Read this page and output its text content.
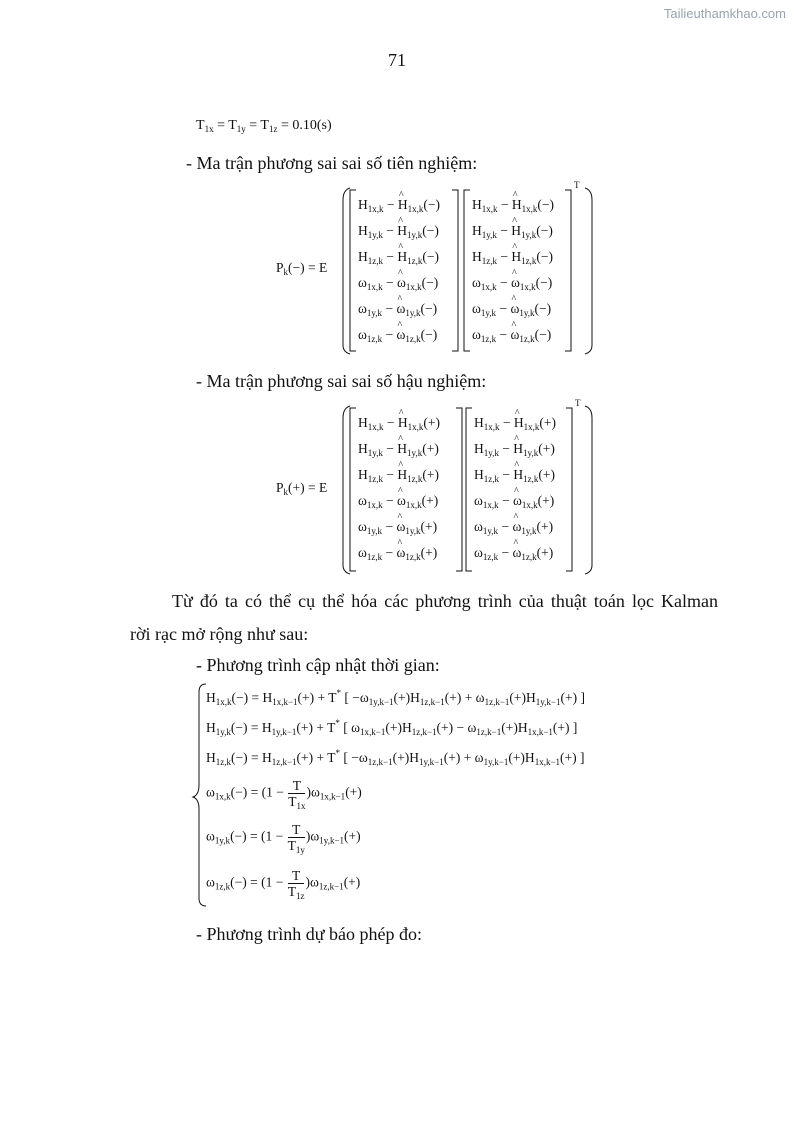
Tailieuthamkhao.com
71
$T_{1x} = T_{1y} = T_{1z} = 0.10(s)$
- Ma trận phương sai sai số tiên nghiệm:
$P_k(-) = E$
T
$H_{1x,k}$ − ^ $H_{1x,k}(-)$
$H_{1y,k}$ − ^ $H_{1y,k}(-)$
$H_{1z,k}$ − ^ $H_{1z,k}(-)$
$\omega_{1x,k}$ − ^ $\omega_{1x,k}(-)$
$\omega_{1y,k}$ − ^ $\omega_{1y,k}(-)$
$\omega_{1z,k}$ − ^ $\omega_{1z,k}(-)$
$H_{1x,k}$ − ^ $H_{1x,k}(-)$
$H_{1y,k}$ − ^ $H_{1y,k}(-)$
$H_{1z,k}$ − ^ $H_{1z,k}(-)$
$\omega_{1x,k}$ − ^ $\omega_{1x,k}(-)$
$\omega_{1y,k}$ − ^ $\omega_{1y,k}(-)$
$\omega_{1z,k}$ − ^ $\omega_{1z,k}(-)$
- Ma trận phương sai sai số hậu nghiệm:
$P_k(+) = E$
T
$H_{1x,k}$ − ^ $H_{1x,k}(+)$
$H_{1y,k}$ − ^ $H_{1y,k}(+)$
$H_{1z,k}$ − ^ $H_{1z,k}(+)$
$\omega_{1x,k}$ − ^ $\omega_{1x,k}(+)$
$\omega_{1y,k}$ − ^ $\omega_{1y,k}(+)$
$\omega_{1z,k}$ − ^ $\omega_{1z,k}(+)$
$H_{1x,k}$ − ^ $H_{1x,k}(+)$
$H_{1y,k}$ − ^ $H_{1y,k}(+)$
$H_{1z,k}$ − ^ $H_{1z,k}(+)$
$\omega_{1x,k}$ − ^ $\omega_{1x,k}(+)$
$\omega_{1y,k}$ − ^ $\omega_{1y,k}(+)$
$\omega_{1z,k}$ − ^ $\omega_{1z,k}(+)$
Từ đó ta có thể cụ thể hóa các phương trình của thuật toán lọc Kalman
rời rạc mở rộng như sau:
- Phương trình cập nhật thời gian:
$H_{1x,k}(-) = H_{1x,k-1}(+) + T^*$ [ $-\omega_{1y,k-1}(+)H_{1z,k-1}(+) + \omega_{1z,k-1}(+)H_{1y,k-1}(+)$ ]
$H_{1y,k}(-) = H_{1y,k-1}(+) + T^*$ [ $\omega_{1x,k-1}(+)H_{1z,k-1}(+) - \omega_{1z,k-1}(+)H_{1x,k-1}(+)$ ]
$H_{1z,k}(-) = H_{1z,k-1}(+) + T^*$ [ $-\omega_{1z,k-1}(+)H_{1y,k-1}(+) + \omega_{1y,k-1}(+)H_{1x,k-1}(+)$ ]
$\omega_{1x,k}(-) = (1 - \frac{T}{T_{1x}} )\omega_{1x,k-1}(+)$
$\omega_{1y,k}(-) = (1 - \frac{T}{T_{1y}} )\omega_{1y,k-1}(+)$
$\omega_{1z,k}(-) = (1 - \frac{T}{T_{1z}} )\omega_{1z,k-1}(+)$
- Phương trình dự báo phép đo:
